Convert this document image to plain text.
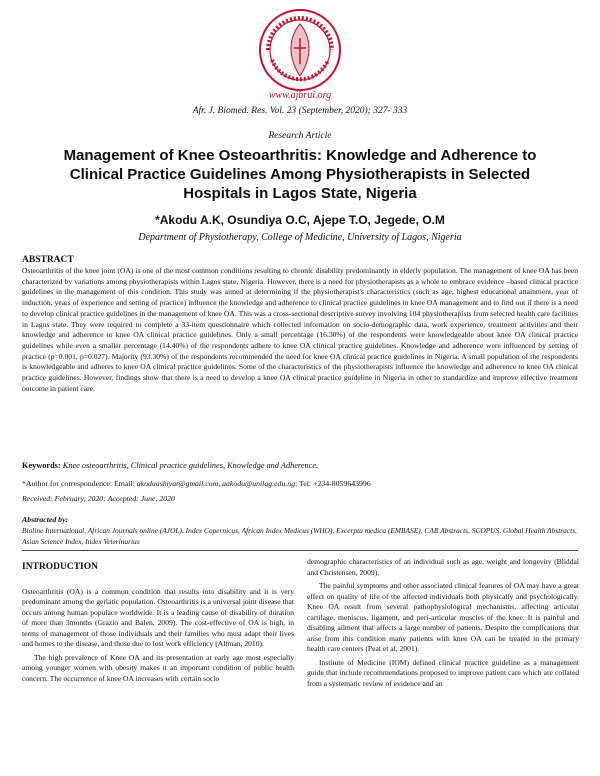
www.ajbrui.org
Afr. J. Biomed. Res. Vol. 23 (September, 2020); 327- 333
Research Article
Management of Knee Osteoarthritis: Knowledge and Adherence to Clinical Practice Guidelines Among Physiotherapists in Selected Hospitals in Lagos State, Nigeria
*Akodu A.K, Osundiya O.C, Ajepe T.O, Jegede, O.M
Department of Physiotherapy, College of Medicine, University of Lagos, Nigeria
ABSTRACT
Osteoarthritis of the knee joint (OA) is one of the most common conditions resulting to chronic disability predominantly in elderly population. The management of knee OA has been characterized by variations among physiotherapists within Lagos state, Nigeria. However, there is a need for physiotherapists as a whole to embrace evidence –based clinical practice guidelines in the management of this condition. This study was aimed at determining if the physiotherapist's characteristics (such as age, highest educational attainment, year of induction, years of experience and setting of practice) influence the knowledge and adherence to clinical practice guidelines in knee OA management and to find out if there is a need to develop clinical practice guidelines in the management of knee OA. This was a cross-sectional descriptive survey involving 104 physiotherapists from selected health care facilities in Lagos state. They were required to complete a 33-item questionnaire which collected information on socio-demographic data, work experience, treatment activities and their knowledge and adherence to knee OA clinical practice guidelines. Only a small percentage (16.30%) of the respondents were knowledgeable about knee OA clinical practice guidelines while even a smaller percentage (14.40%) of the respondents adhere to knee OA clinical practice guidelines. Knowledge and adherence were influenced by setting of practice (p=0.001, p=0.027). Majority (93.30%) of the respondents recommended the need for knee OA clinical practice guidelines in Nigeria. A small population of the respondents is knowledgeable and adheres to knee OA clinical practice guidelines. Some of the characteristics of the physiotherapists influence the knowledge and adherence to knee OA clinical practice guidelines. However, findings show that there is a need to develop a knee OA clinical practice guideline in Nigeria in other to standardize and improve effective treatment outcome in patient care.
Keywords: Knee osteoarthritis, Clinical practice guidelines, Knowledge and Adherence.
*Author for correspondence: Email: akoduashiyat@gmail.com, aakodu@unilag.edu.ng; Tel: +234-8059643996
Received: February, 2020; Accepted: June, 2020
Abstracted by:
Bioline International, African Journals online (AJOL), Index Copernicus, African Index Medicus (WHO), Excerpta medica (EMBASE), CAB Abstracts, SCOPUS, Global Health Abstracts, Asian Science Index, Index Veterinarius
INTRODUCTION

Osteoarthritis (OA) is a common condition that results into disability and it is very predominant among the geriatic population. Osteoarthritis is a universal joint disease that occurs among human populace worldwide. It is a leading cause of disability of duration of more than 3months (Grazio and Balen, 2009). The cost-effective of OA is high, in terms of management of those individuals and their families who must adapt their lives and homes to the disease, and those due to lost work efficiency (Altman, 2010).

The high prevalence of Knee OA and its presentation at early age most especially among younger women with obesity makes it an important condition of public health concern. The occurrence of knee OA increases with certain socio

demographic characteristics of an individual such as age, weight and longevity (Bliddal and Christensen, 2009).

The painful symptoms and other associated clinical features of OA may have a great effect on quality of life of the affected individuals both physically and psychologically. Knee OA result from several pathophysiological mechanisms, affecting articular cartilage, meniscus, ligament, and peri-articular muscles of the knee. It is painful and disabling ailment that affects a large number of patients. Despite the complications that arise from this condition many patients with knee OA can be treated in the primary health care centers (Peat et al, 2001).

Institute of Medicine (IOM) defined clinical practice guideline as a management guide that include recommendations proposed to improve patient care which are collated from a systematic review of evidence and an
